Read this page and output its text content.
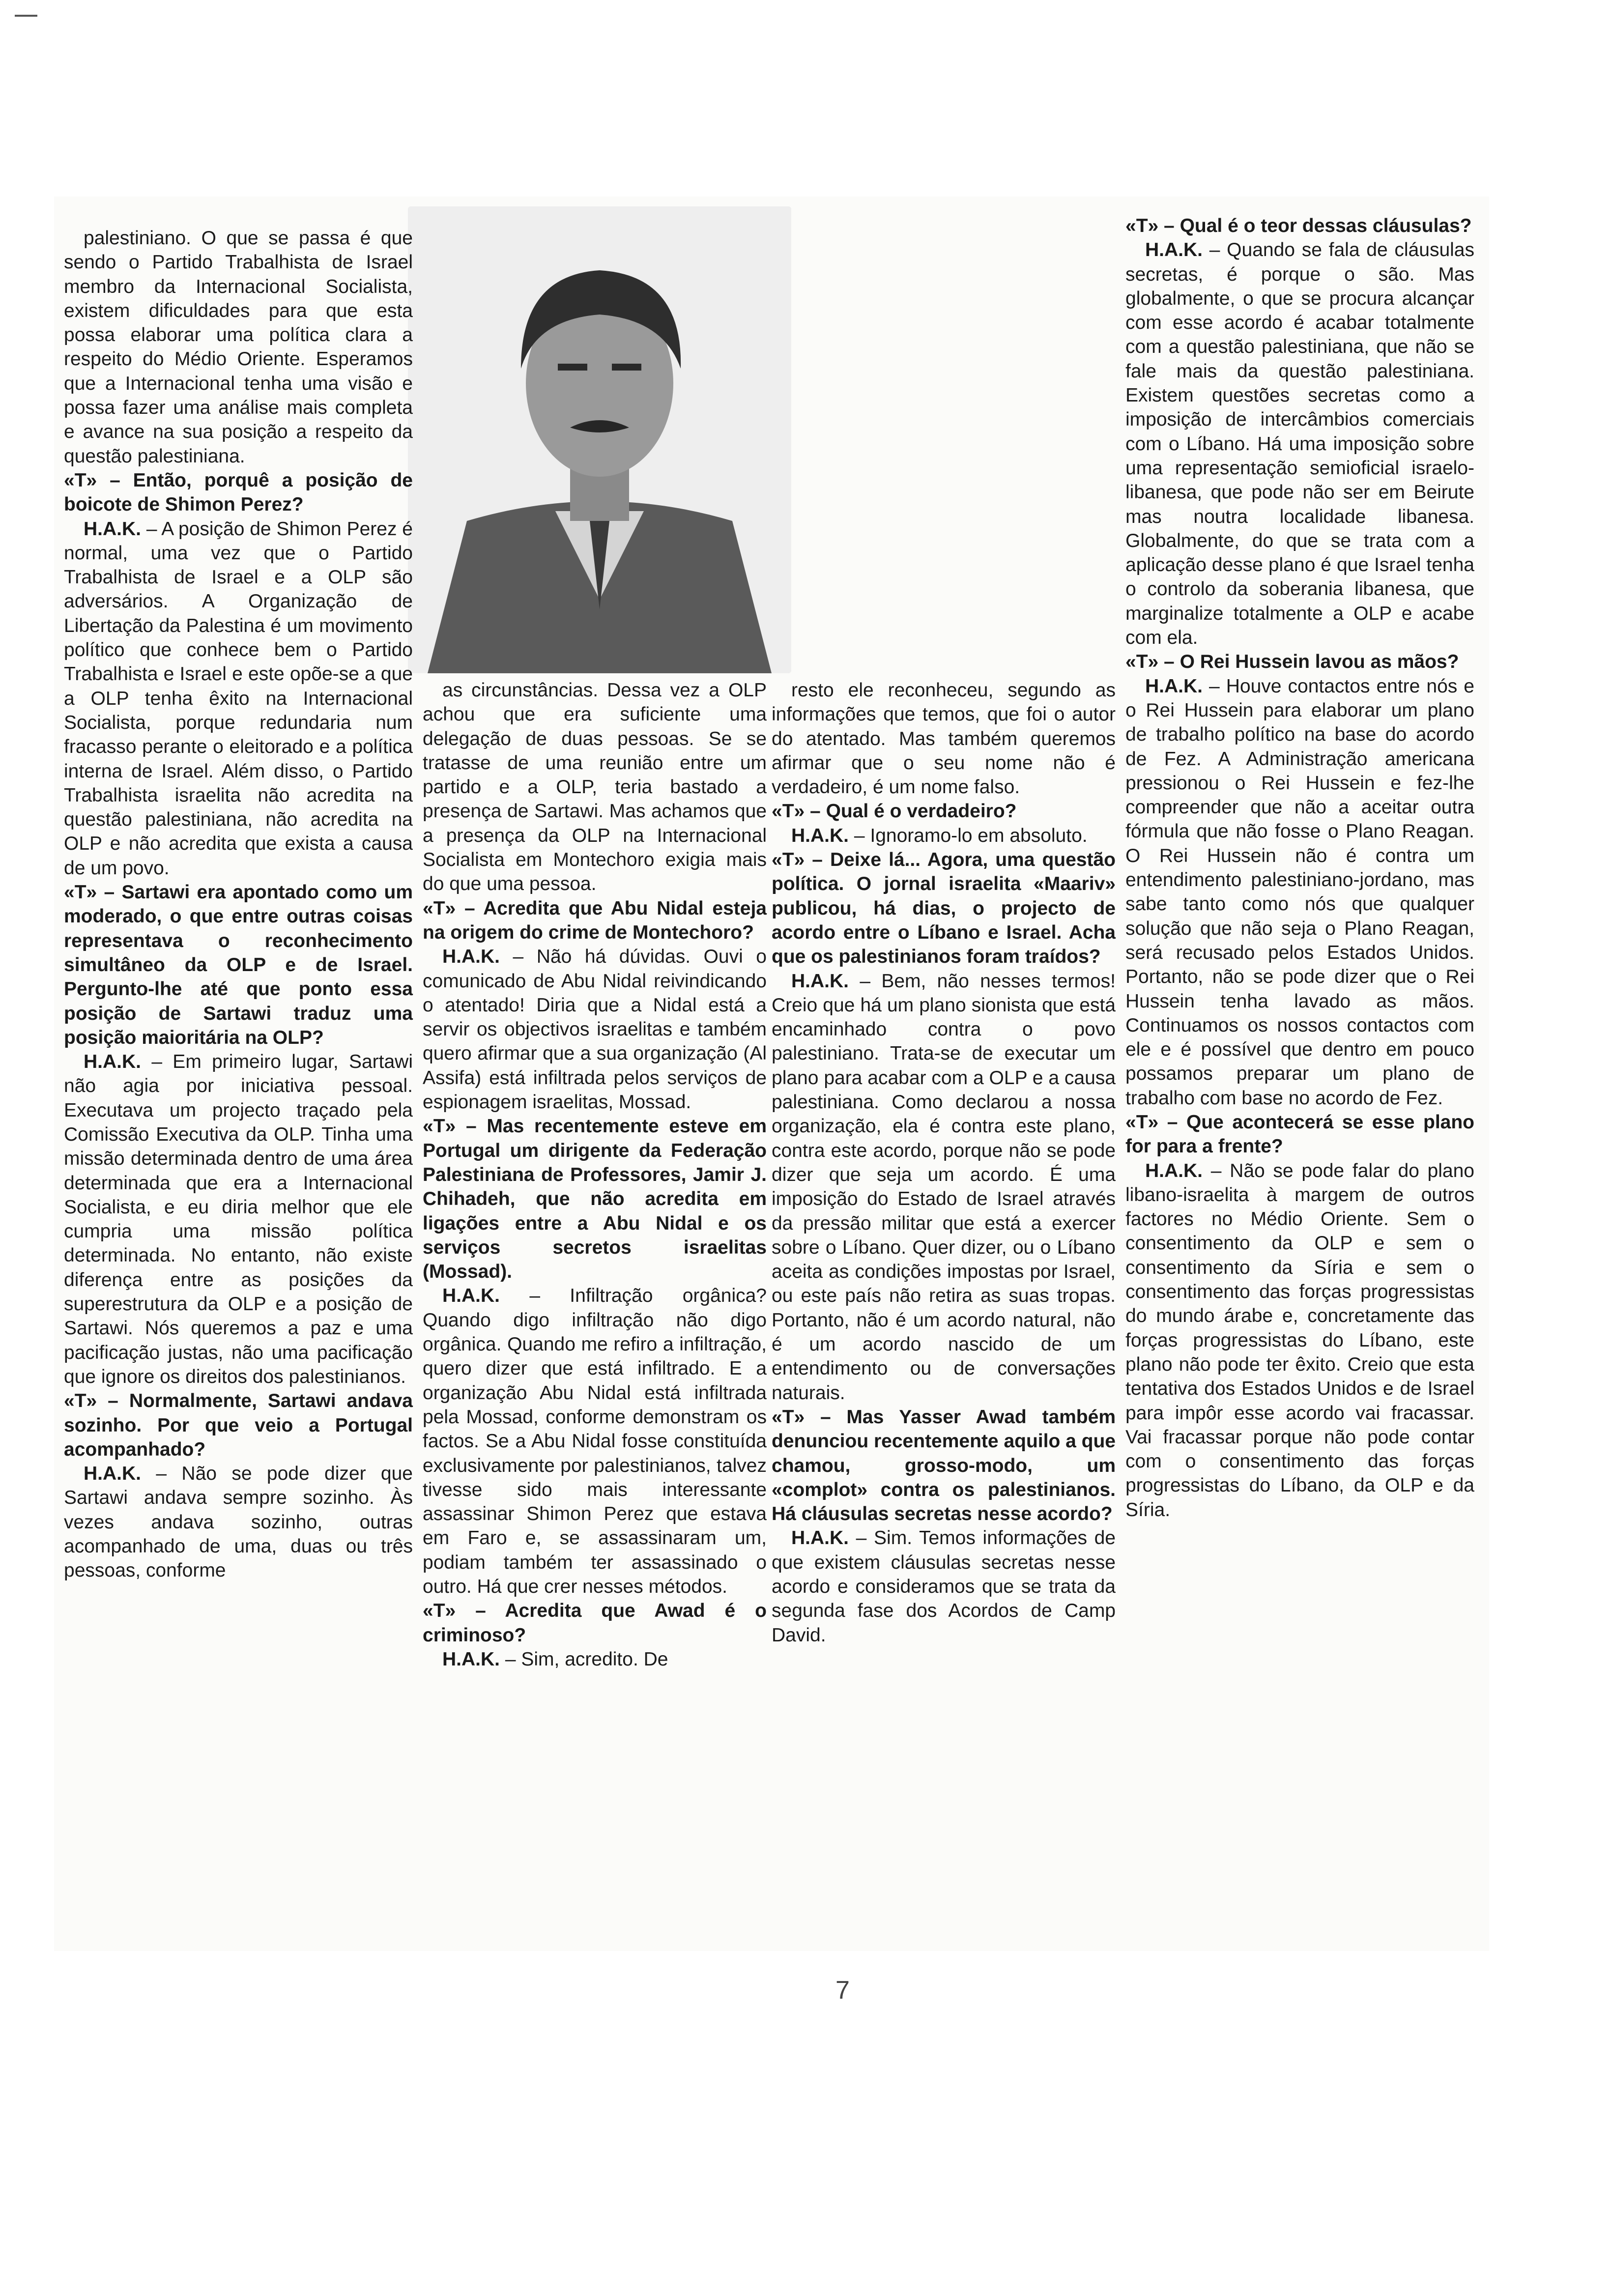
palestiniano. O que se passa é que sendo o Partido Trabalhista de Israel membro da Internacional Socialista, existem dificuldades para que esta possa elaborar uma política clara a respeito do Médio Oriente. Esperamos que a Internacional tenha uma visão e possa fazer uma análise mais completa e avance na sua posição a respeito da questão palestiniana.

«T» – Então, porquê a posição de boicote de Shimon Perez?

H.A.K. – A posição de Shimon Perez é normal, uma vez que o Partido Trabalhista de Israel e a OLP são adversários. A Organização de Libertação da Palestina é um movimento político que conhece bem o Partido Trabalhista e Israel e este opõe-se a que a OLP tenha êxito na Internacional Socialista, porque redundaria num fracasso perante o eleitorado e a política interna de Israel. Além disso, o Partido Trabalhista israelita não acredita na questão palestiniana, não acredita na OLP e não acredita que exista a causa de um povo.

«T» – Sartawi era apontado como um moderado, o que entre outras coisas representava o reconhecimento simultâneo da OLP e de Israel. Pergunto-lhe até que ponto essa posição de Sartawi traduz uma posição maioritária na OLP?

H.A.K. – Em primeiro lugar, Sartawi não agia por iniciativa pessoal. Executava um projecto traçado pela Comissão Executiva da OLP. Tinha uma missão determinada dentro de uma área determinada que era a Internacional Socialista, e eu diria melhor que ele cumpria uma missão política determinada. No entanto, não existe diferença entre as posições da superestrutura da OLP e a posição de Sartawi. Nós queremos a paz e uma pacificação justas, não uma pacificação que ignore os direitos dos palestinianos.

«T» – Normalmente, Sartawi andava sozinho. Por que veio a Portugal acompanhado?

H.A.K. – Não se pode dizer que Sartawi andava sempre sozinho. Às vezes andava sozinho, outras acompanhado de uma, duas ou três pessoas, conforme

as circunstâncias. Dessa vez a OLP achou que era suficiente uma delegação de duas pessoas. Se se tratasse de uma reunião entre um partido e a OLP, teria bastado a presença de Sartawi. Mas achamos que a presença da OLP na Internacional Socialista em Montechoro exigia mais do que uma pessoa.

«T» – Acredita que Abu Nidal esteja na origem do crime de Montechoro?

H.A.K. – Não há dúvidas. Ouvi o comunicado de Abu Nidal reivindicando o atentado! Diria que a Nidal está a servir os objectivos israelitas e também quero afirmar que a sua organização (Al Assifa) está infiltrada pelos serviços de espionagem israelitas, Mossad.

«T» – Mas recentemente esteve em Portugal um dirigente da Federação Palestiniana de Professores, Jamir J. Chihadeh, que não acredita em ligações entre a Abu Nidal e os serviços secretos israelitas (Mossad).

H.A.K. – Infiltração orgânica? Quando digo infiltração não digo orgânica. Quando me refiro a infiltração, quero dizer que está infiltrado. E a organização Abu Nidal está infiltrada pela Mossad, conforme demonstram os factos. Se a Abu Nidal fosse constituída exclusivamente por palestinianos, talvez tivesse sido mais interessante assassinar Shimon Perez que estava em Faro e, se assassinaram um, podiam também ter assassinado o outro. Há que crer nesses métodos.

«T» – Acredita que Awad é o criminoso?

H.A.K. – Sim, acredito. De

resto ele reconheceu, segundo as informações que temos, que foi o autor do atentado. Mas também queremos afirmar que o seu nome não é verdadeiro, é um nome falso.

«T» – Qual é o verdadeiro?

H.A.K. – Ignoramo-lo em absoluto.

«T» – Deixe lá... Agora, uma questão política. O jornal israelita «Maariv» publicou, há dias, o projecto de acordo entre o Líbano e Israel. Acha que os palestinianos foram traídos?

H.A.K. – Bem, não nesses termos! Creio que há um plano sionista que está encaminhado contra o povo palestiniano. Trata-se de executar um plano para acabar com a OLP e a causa palestiniana. Como declarou a nossa organização, ela é contra este plano, contra este acordo, porque não se pode dizer que seja um acordo. É uma imposição do Estado de Israel através da pressão militar que está a exercer sobre o Líbano. Quer dizer, ou o Líbano aceita as condições impostas por Israel, ou este país não retira as suas tropas. Portanto, não é um acordo natural, não é um acordo nascido de um entendimento ou de conversações naturais.

«T» – Mas Yasser Awad também denunciou recentemente aquilo a que chamou, grosso-modo, um «complot» contra os palestinianos. Há cláusulas secretas nesse acordo?

H.A.K. – Sim. Temos informações de que existem cláusulas secretas nesse acordo e consideramos que se trata da segunda fase dos Acordos de Camp David.

«T» – Qual é o teor dessas cláusulas?

H.A.K. – Quando se fala de cláusulas secretas, é porque o são. Mas globalmente, o que se procura alcançar com esse acordo é acabar totalmente com a questão palestiniana, que não se fale mais da questão palestiniana. Existem questões secretas como a imposição de intercâmbios comerciais com o Líbano. Há uma imposição sobre uma representação semioficial israelo-libanesa, que pode não ser em Beirute mas noutra localidade libanesa. Globalmente, do que se trata com a aplicação desse plano é que Israel tenha o controlo da soberania libanesa, que marginalize totalmente a OLP e acabe com ela.

«T» – O Rei Hussein lavou as mãos?

H.A.K. – Houve contactos entre nós e o Rei Hussein para elaborar um plano de trabalho político na base do acordo de Fez. A Administração americana pressionou o Rei Hussein e fez-lhe compreender que não a aceitar outra fórmula que não fosse o Plano Reagan. O Rei Hussein não é contra um entendimento palestiniano-jordano, mas sabe tanto como nós que qualquer solução que não seja o Plano Reagan, será recusado pelos Estados Unidos. Portanto, não se pode dizer que o Rei Hussein tenha lavado as mãos. Continuamos os nossos contactos com ele e é possível que dentro em pouco possamos preparar um plano de trabalho com base no acordo de Fez.

«T» – Que acontecerá se esse plano for para a frente?

H.A.K. – Não se pode falar do plano libano-israelita à margem de outros factores no Médio Oriente. Sem o consentimento da OLP e sem o consentimento da Síria e sem o consentimento das forças progressistas do mundo árabe e, concretamente das forças progressistas do Líbano, este plano não pode ter êxito. Creio que esta tentativa dos Estados Unidos e de Israel para impôr esse acordo vai fracassar. Vai fracassar porque não pode contar com o consentimento das forças progressistas do Líbano, da OLP e da Síria.

7
